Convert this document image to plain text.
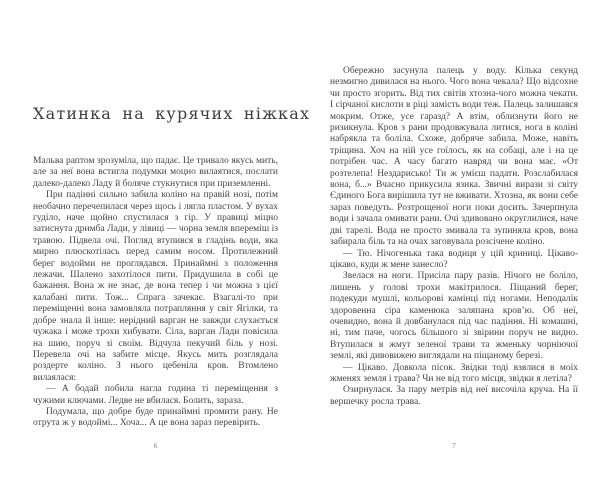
Хатинка на курячих ніжках

Мальва раптом зрозуміла, що падає. Це тривало якусь мить, але за неї вона встигла подумки моцно вилаятися, послати далеко-далеко Ладу й боляче стукнутися при приземленні.

При падінні сильно забила коліно на правій нозі, потім необачно перечепилася через щось і лягла пластом. У вухах гуділо, наче щойно спустилася з гір. У правиці міцно затиснута дримба Лади, у лівиці — чорна земля впереміш із травою. Підвела очі. Погляд втупився в гладінь води, яка мирно плюскотілась перед самим носом. Протилежний берег водойми не проглядався. Принаймні з положення лежачи. Шалено захотілося пити. Придушила в собі це бажання. Вона ж не знає, де вона тепер і чи можна з цієї калабані пити. Тож... Спрага зачекає. Взагалі-то при переміщенні вона замовляла потрапляння у світ Ягілки, та добре знала й інше: нерідний варган не завжди слухається чужака і може трохи хибувати. Сіла, варган Лади повісила на шию, поруч зі своїм. Відчула пекучий біль у нозі. Перевела очі на забите місце. Якусь мить розглядала роздерте коліно. З нього цебеніла кров. Втомлено вилаялася:

— А бодай побила нагла година ті переміщення з чужими ключами. Ледве не вбилася. Болить, зараза.

Подумала, що добре буде принаймні промити рану. Не отрута ж у водоймі... Хоча... А це вона зараз перевірить.

6

Обережно засунула палець у воду. Кілька секунд незмигно дивилася на нього. Чого вона чекала? Що відсохне чи просто згорить. Від тих світів хтозна-чого можна чекати. І сірчаної кислоти в ріці замість води теж. Палець залишався мокрим. Отже, усе гаразд? А втім, облизнути його не ризикнула. Кров з рани продовжувала литися, нога в коліні набрякла та боліла. Схоже, добряче забила. Може, навіть тріщина. Хоч на ній усе гоїлось, як на собаці, але і на це потрібен час. А часу багато навряд чи вона має. «От розтелепа! Нездарисько! Ти ж умієш падати. Розслабилася вона, б...» Вчасно прикусила язика. Звичні вирази зі світу Єдиного Бога вирішила тут не вживати. Хтозна, як вони себе зараз поведуть. Розтрощеної ноги поки досить. Зачерпнула води і зачала омивати рани. Очі здивовано округлилися, наче дві тарелі. Вода не просто змивала та зупиняла кров, вона забирала біль та на очах заговувала розсічене коліно.

— Тю. Нічогенька така водиця у цій криниці. Цікаво-цікаво, куди ж мене занесло?

Звелася на ноги. Присіла пару разів. Нічого не боліло, лишень у голові трохи макітрилося. Піщаний берег, подекуди мушлі, кольорові камінці під ногами. Неподалік здоровенна сіра каменюка заляпана кров’ю. Об неї, очевидно, вона й довбанулася під час падіння. Ні комашні, ні, тим паче, чогось більшого зі звірини поруч не видно. Втупилася в жмут зеленої трави та жменьку чорніючої землі, які дивовижею виглядали на піщаному березі.

— Цікаво. Довкола пісок. Звідки тоді взялися в моїх жменях земля і трава? Чи не від того місця, звідки я летіла?

Озирнулася. За пару метрів від неї височіла круча. На її вершечку росла трава.

7
